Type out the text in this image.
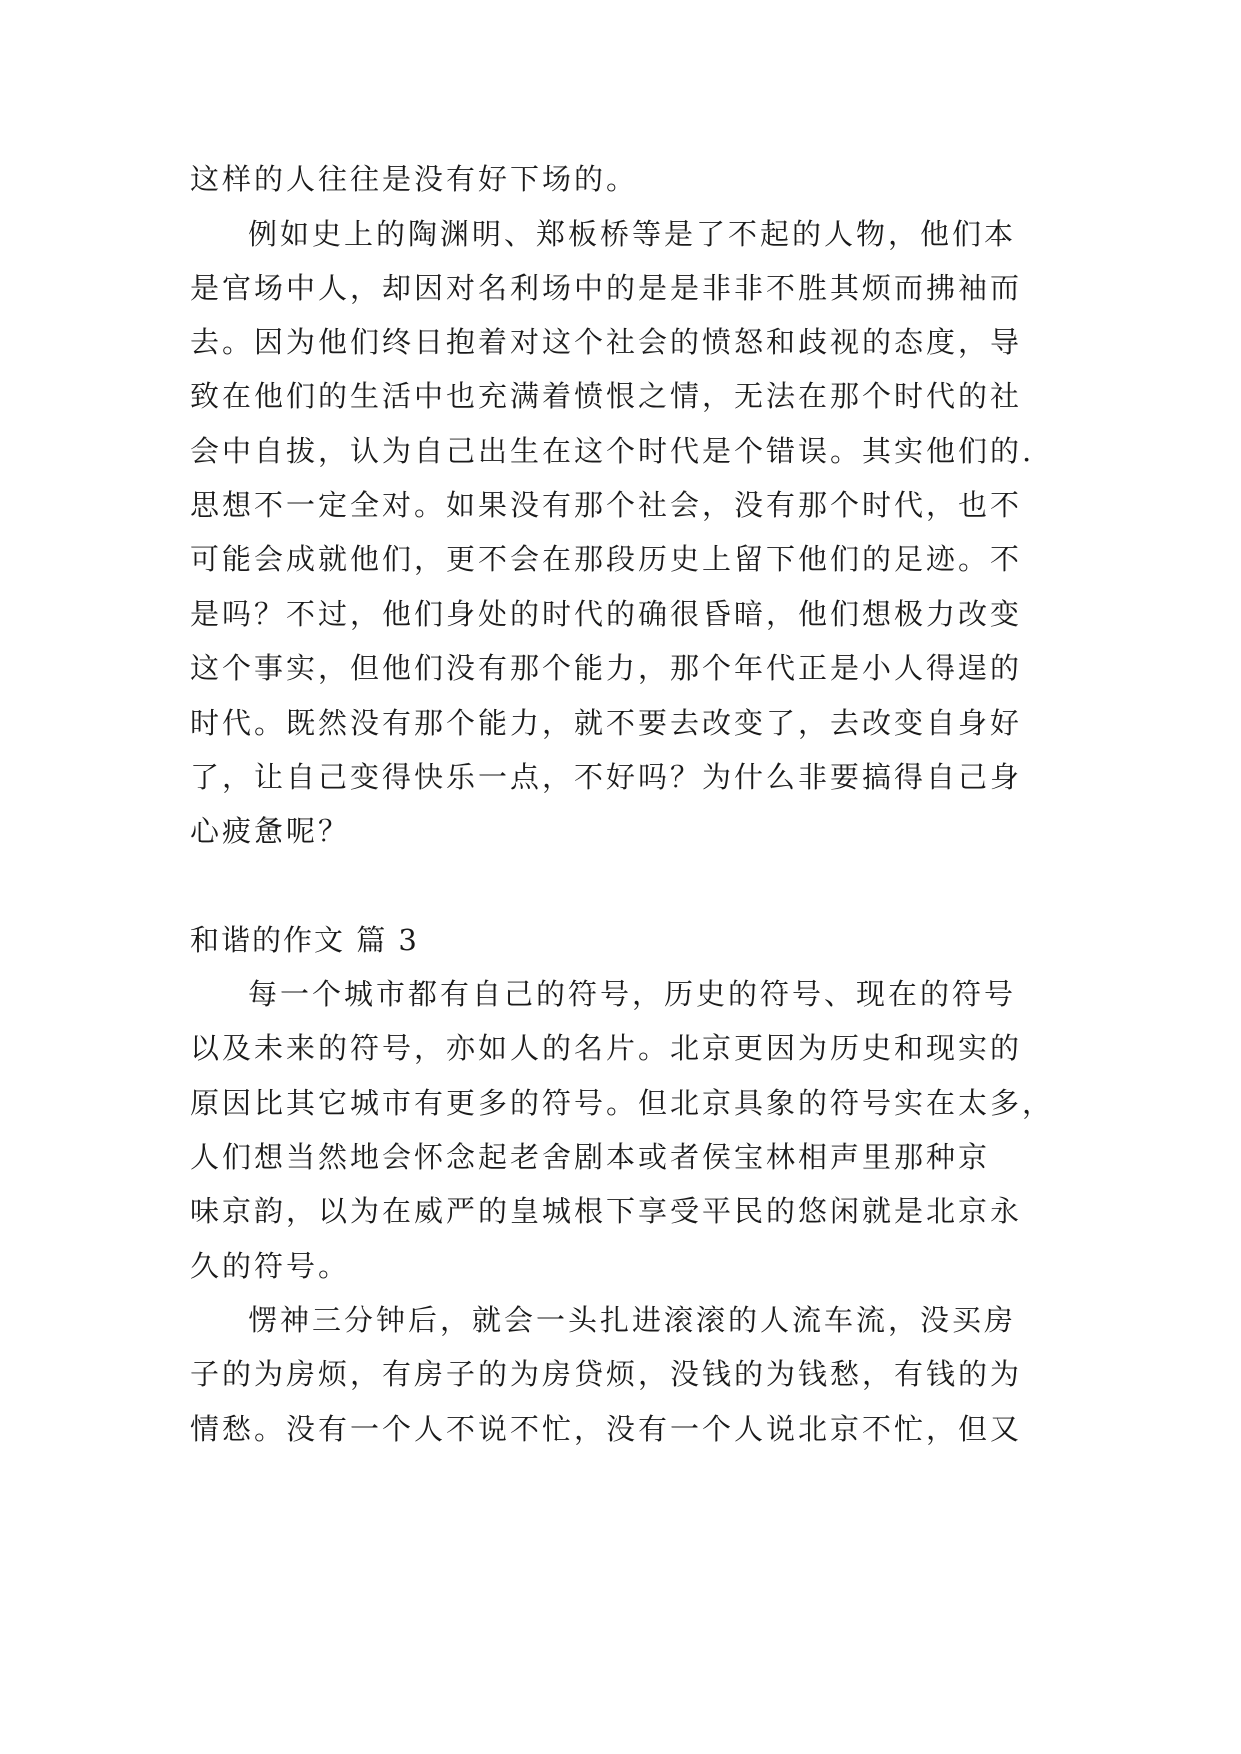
这样的人往往是没有好下场的。
例如史上的陶渊明、郑板桥等是了不起的人物，他们本
是官场中人，却因对名利场中的是是非非不胜其烦而拂袖而
去。因为他们终日抱着对这个社会的愤怒和歧视的态度，导
致在他们的生活中也充满着愤恨之情，无法在那个时代的社
会中自拔，认为自己出生在这个时代是个错误。其实他们的.
思想不一定全对。如果没有那个社会，没有那个时代，也不
可能会成就他们，更不会在那段历史上留下他们的足迹。不
是吗？不过，他们身处的时代的确很昏暗，他们想极力改变
这个事实，但他们没有那个能力，那个年代正是小人得逞的
时代。既然没有那个能力，就不要去改变了，去改变自身好
了，让自己变得快乐一点，不好吗？为什么非要搞得自己身
心疲惫呢？
和谐的作文 篇 3
每一个城市都有自己的符号，历史的符号、现在的符号
以及未来的符号，亦如人的名片。北京更因为历史和现实的
原因比其它城市有更多的符号。但北京具象的符号实在太多，
人们想当然地会怀念起老舍剧本或者侯宝林相声里那种京
味京韵，以为在威严的皇城根下享受平民的悠闲就是北京永
久的符号。
愣神三分钟后，就会一头扎进滚滚的人流车流，没买房
子的为房烦，有房子的为房贷烦，没钱的为钱愁，有钱的为
情愁。没有一个人不说不忙，没有一个人说北京不忙，但又
